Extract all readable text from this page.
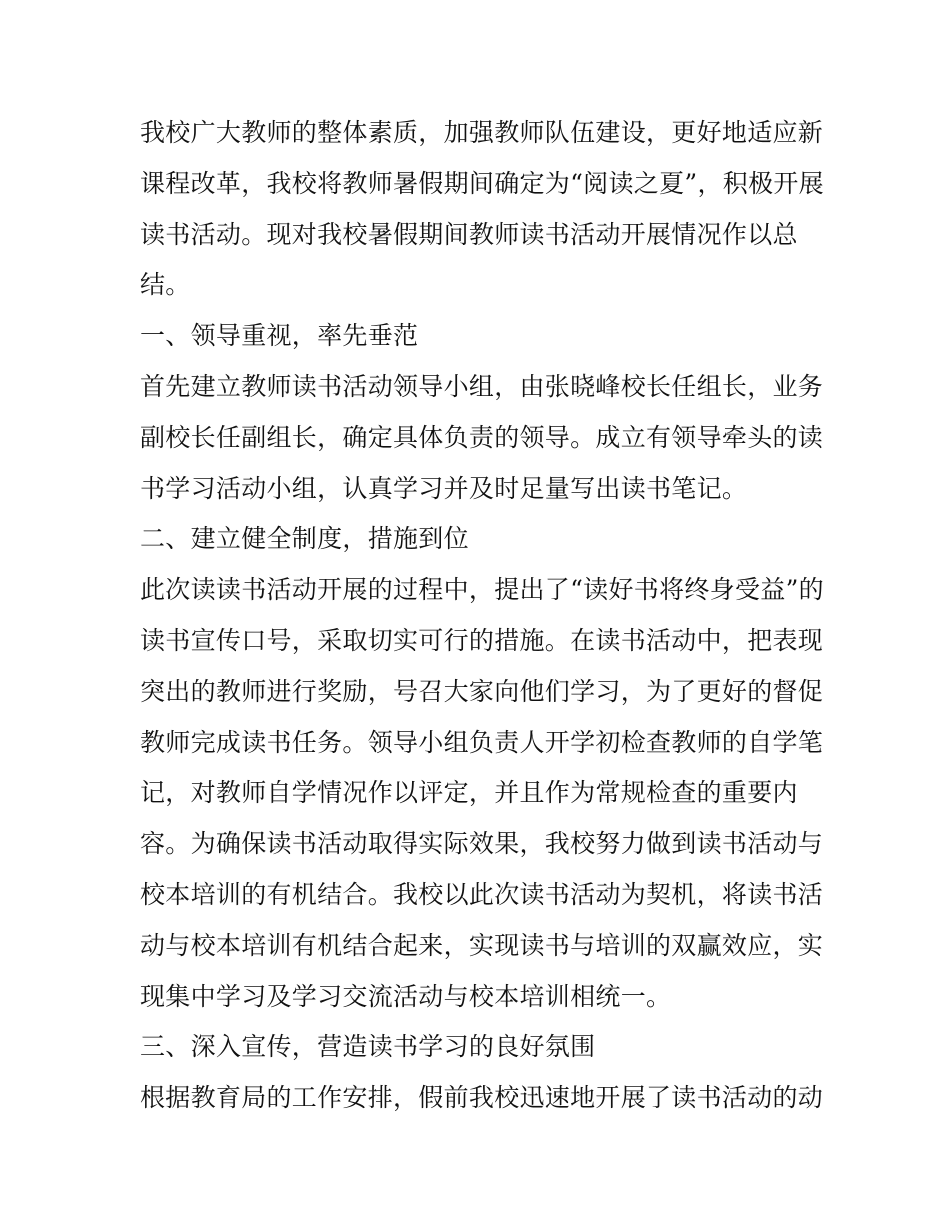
我校广大教师的整体素质，加强教师队伍建设，更好地适应新
课程改革，我校将教师暑假期间确定为“阅读之夏”，积极开展
读书活动。现对我校暑假期间教师读书活动开展情况作以总
结。
一、领导重视，率先垂范
首先建立教师读书活动领导小组，由张晓峰校长任组长，业务
副校长任副组长，确定具体负责的领导。成立有领导牵头的读
书学习活动小组，认真学习并及时足量写出读书笔记。
二、建立健全制度，措施到位
此次读读书活动开展的过程中，提出了“读好书将终身受益”的
读书宣传口号，采取切实可行的措施。在读书活动中，把表现
突出的教师进行奖励，号召大家向他们学习，为了更好的督促
教师完成读书任务。领导小组负责人开学初检查教师的自学笔
记，对教师自学情况作以评定，并且作为常规检查的重要内
容。为确保读书活动取得实际效果，我校努力做到读书活动与
校本培训的有机结合。我校以此次读书活动为契机，将读书活
动与校本培训有机结合起来，实现读书与培训的双赢效应，实
现集中学习及学习交流活动与校本培训相统一。
三、深入宣传，营造读书学习的良好氛围
根据教育局的工作安排，假前我校迅速地开展了读书活动的动
